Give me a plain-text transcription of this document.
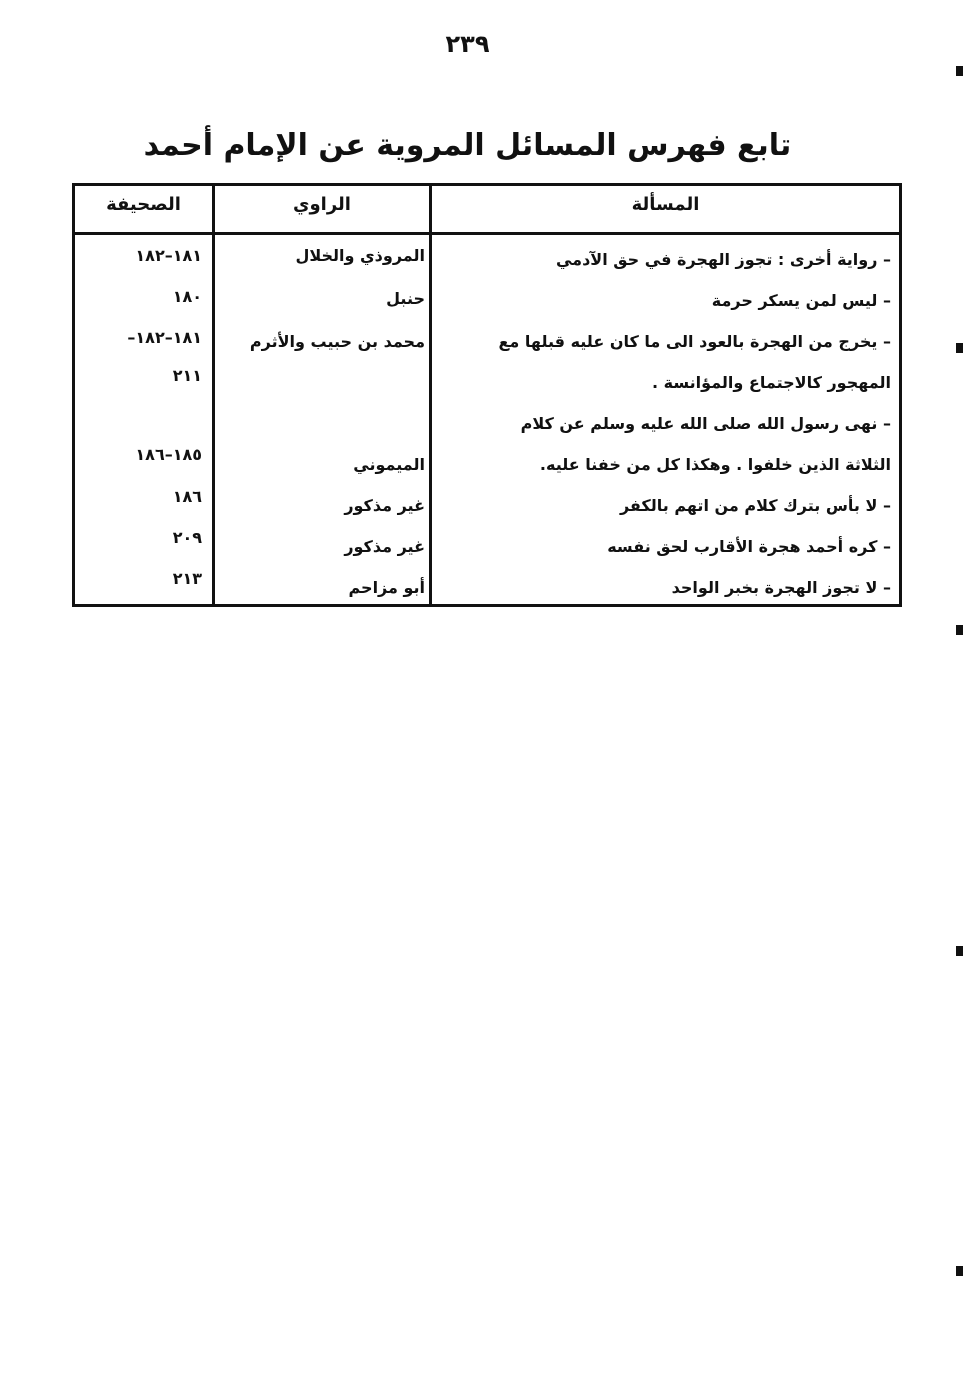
٢٣٩
تابع فهرس المسائل المروية عن الإمام أحمد
المسألة
الراوي
الصحيفة
– رواية أخرى : تجوز الهجرة في حق الآدمي
– ليس لمن يسكر حرمة
– يخرج من الهجرة بالعود الى ما كان عليه قبلها مع
المهجور كالاجتماع والمؤانسة .
– نهى رسول الله صلى الله عليه وسلم عن كلام
الثلاثة الذين خلفوا . وهكذا كل من خفنا عليه.
– لا بأس بترك كلام من اتهم بالكفر
– كره أحمد هجرة الأقارب لحق نفسه
– لا تجوز الهجرة بخبر الواحد
المروذي والخلال
حنبل
محمد بن حبيب والأثرم
الميموني
غير مذكور
غير مذكور
أبو مزاحم
١٨١–١٨٢
١٨٠
١٨١–١٨٢–
٢١١
١٨٥–١٨٦
١٨٦
٢٠٩
٢١٣
